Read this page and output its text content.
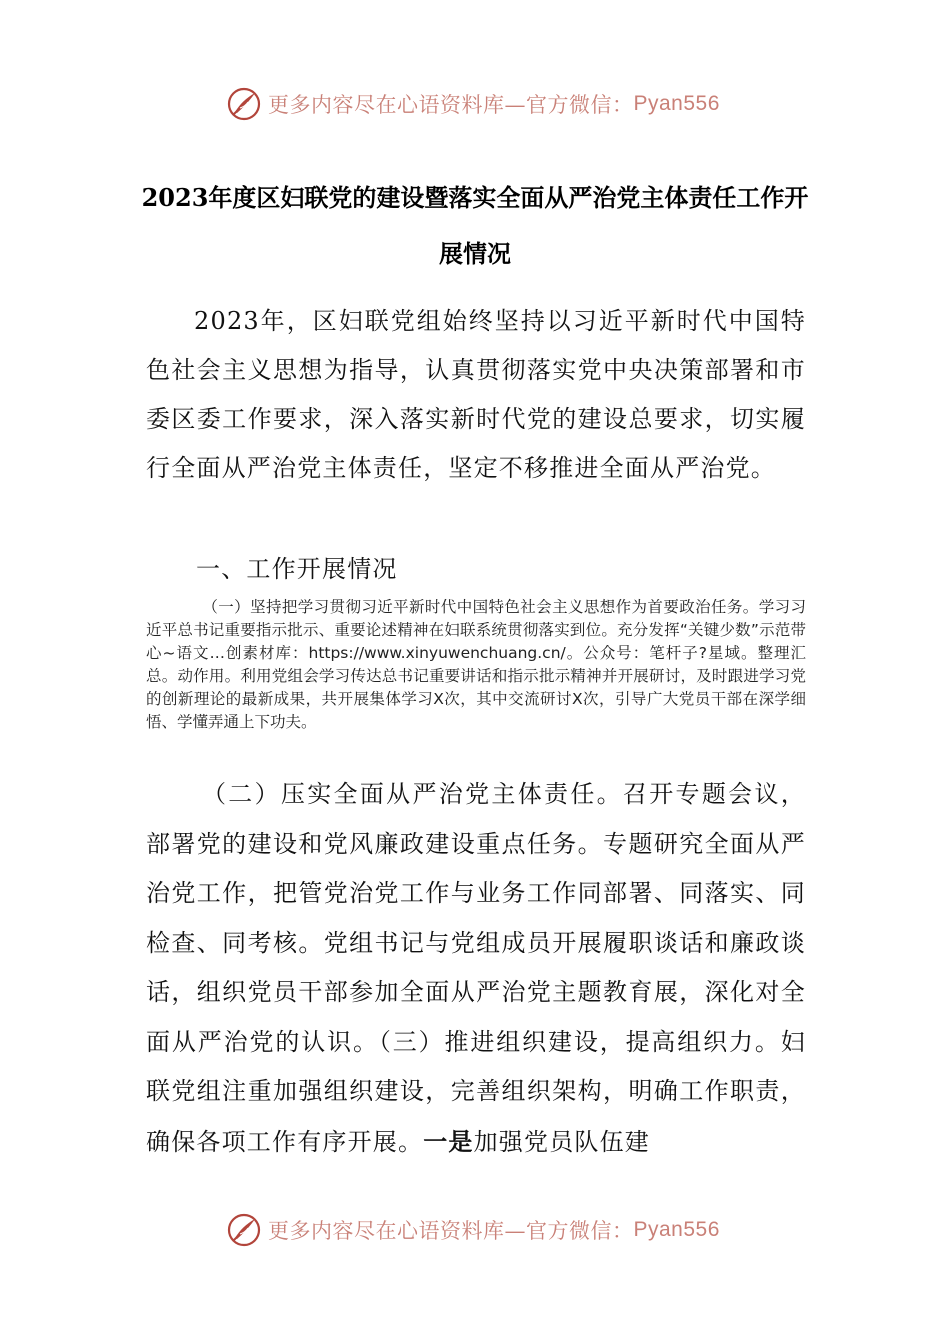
更多内容尽在心语资料库—官方微信： Pyan556
2023年度区妇联党的建设暨落实全面从严治党主体责任工作开展情况

2023年，区妇联党组始终坚持以习近平新时代中国特色社会主义思想为指导，认真贯彻落实党中央决策部署和市委区委工作要求，深入落实新时代党的建设总要求，切实履行全面从严治党主体责任，坚定不移推进全面从严治党。

一、工作开展情况

（一）坚持把学习贯彻习近平新时代中国特色社会主义思想作为首要政治任务。学习习近平总书记重要指示批示、重要论述精神在妇联系统贯彻落实到位。充分发挥“关键少数”示范带心~语文…创素材库：https://www.xinyuwenchuang.cn/。公众号：笔杆子?星域。整理汇总。动作用。利用党组会学习传达总书记重要讲话和指示批示精神并开展研讨，及时跟进学习党的创新理论的最新成果，共开展集体学习X次，其中交流研讨X次，引导广大党员干部在深学细悟、学懂弄通上下功夫。

（二）压实全面从严治党主体责任。召开专题会议，部署党的建设和党风廉政建设重点任务。专题研究全面从严治党工作，把管党治党工作与业务工作同部署、同落实、同检查、同考核。党组书记与党组成员开展履职谈话和廉政谈话，组织党员干部参加全面从严治党主题教育展，深化对全面从严治党的认识。（三）推进组织建设，提高组织力。妇联党组注重加强组织建设，完善组织架构，明确工作职责，确保各项工作有序开展。一是加强党员队伍建

更多内容尽在心语资料库—官方微信： Pyan556
